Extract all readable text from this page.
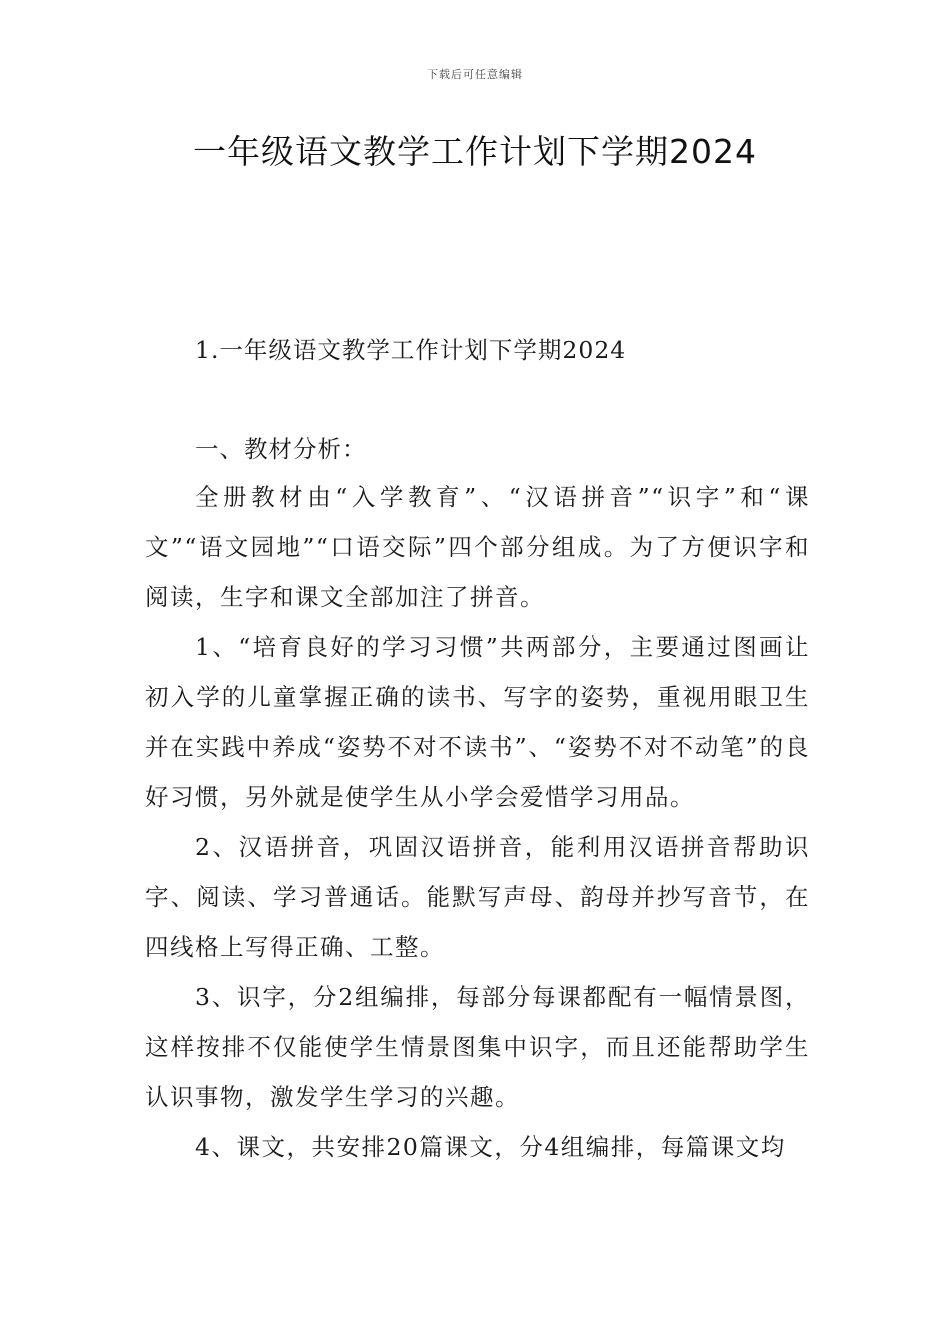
下载后可任意编辑
一年级语文教学工作计划下学期2024

1.一年级语文教学工作计划下学期2024

一、教材分析：

全册教材由“入学教育”、“汉语拼音”“识字”和“课文”“语文园地”“口语交际”四个部分组成。为了方便识字和阅读，生字和课文全部加注了拼音。

1、“培育良好的学习习惯”共两部分，主要通过图画让初入学的儿童掌握正确的读书、写字的姿势，重视用眼卫生并在实践中养成“姿势不对不读书”、“姿势不对不动笔”的良好习惯，另外就是使学生从小学会爱惜学习用品。

2、汉语拼音，巩固汉语拼音，能利用汉语拼音帮助识字、阅读、学习普通话。能默写声母、韵母并抄写音节，在四线格上写得正确、工整。

3、识字，分2组编排，每部分每课都配有一幅情景图，这样按排不仅能使学生情景图集中识字，而且还能帮助学生认识事物，激发学生学习的兴趣。

4、课文，共安排20篇课文，分4组编排，每篇课文均
